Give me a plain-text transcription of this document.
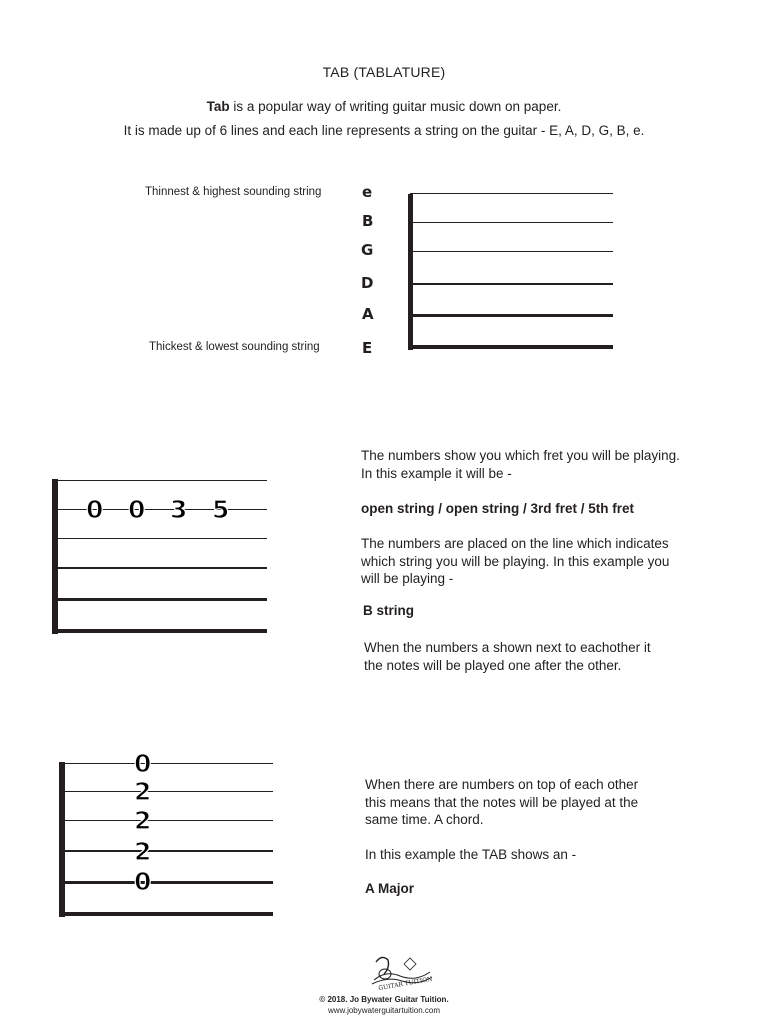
TAB (TABLATURE)
Tab is a popular way of writing guitar music down on paper.
It is made up of 6 lines and each line represents a string on the guitar - E, A, D, G, B, e.
Thinnest & highest sounding string
Thickest & lowest sounding string
e
B
G
D
A
E
0 0 3 5
The numbers show you which fret you will be playing.
In this example it will be -
open string / open string / 3rd fret / 5th fret
The numbers are placed on the line which indicates
which string you will be playing. In this example you
will be playing -
B string
When the numbers a shown next to eachother it
the notes will be played one after the other.
0
2
2
2
0
When there are numbers on top of each other
this means that the notes will be played at the
same time. A chord.
In this example the TAB shows an -
A Major
GUITAR TUITION
© 2018. Jo Bywater Guitar Tuition.
www.jobywaterguitartuition.com
